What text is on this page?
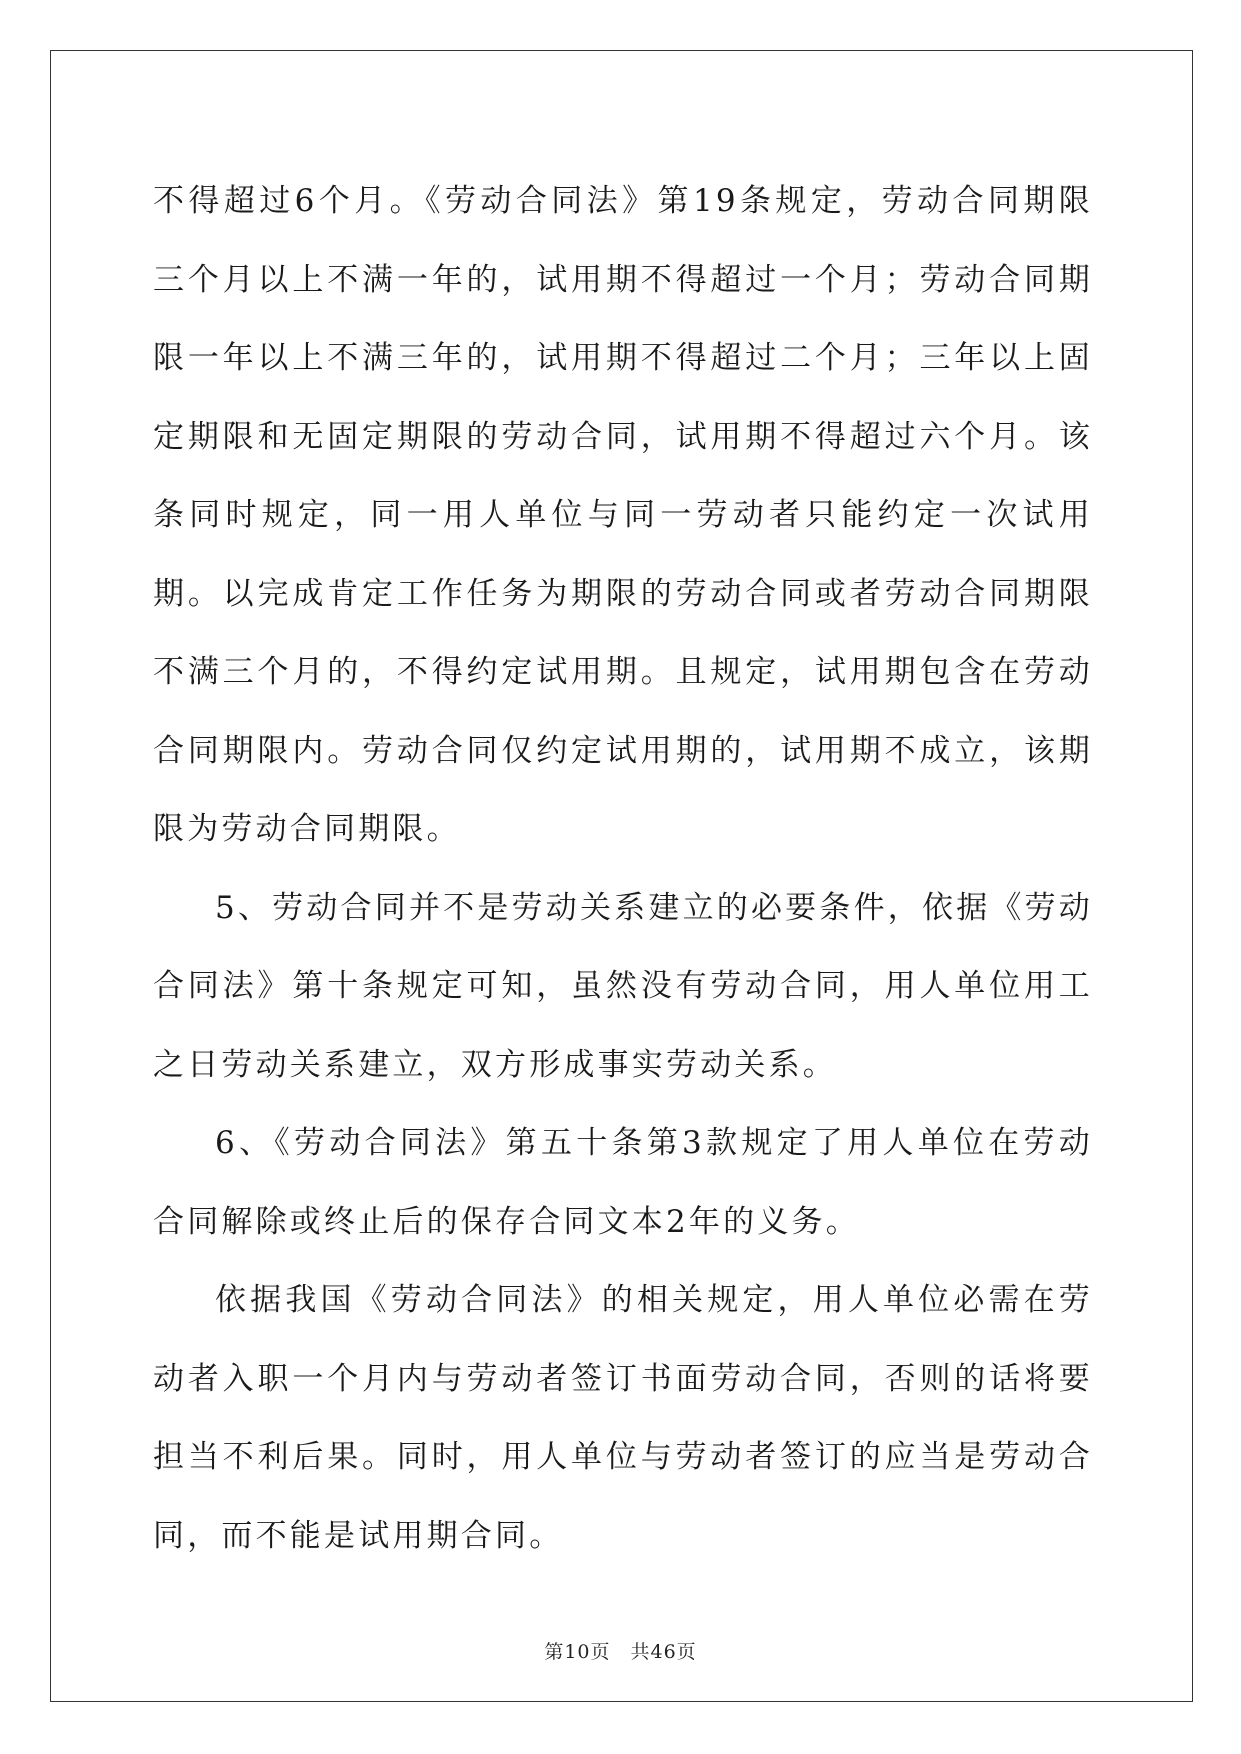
不得超过6个月。《劳动合同法》第19条规定，劳动合同期限三个月以上不满一年的，试用期不得超过一个月；劳动合同期限一年以上不满三年的，试用期不得超过二个月；三年以上固定期限和无固定期限的劳动合同，试用期不得超过六个月。该条同时规定，同一用人单位与同一劳动者只能约定一次试用期。以完成肯定工作任务为期限的劳动合同或者劳动合同期限不满三个月的，不得约定试用期。且规定，试用期包含在劳动合同期限内。劳动合同仅约定试用期的，试用期不成立，该期限为劳动合同期限。

5、劳动合同并不是劳动关系建立的必要条件，依据《劳动合同法》第十条规定可知，虽然没有劳动合同，用人单位用工之日劳动关系建立，双方形成事实劳动关系。

6、《劳动合同法》第五十条第3款规定了用人单位在劳动合同解除或终止后的保存合同文本2年的义务。

依据我国《劳动合同法》的相关规定，用人单位必需在劳动者入职一个月内与劳动者签订书面劳动合同，否则的话将要担当不利后果。同时，用人单位与劳动者签订的应当是劳动合同，而不能是试用期合同。

第10页 共46页
